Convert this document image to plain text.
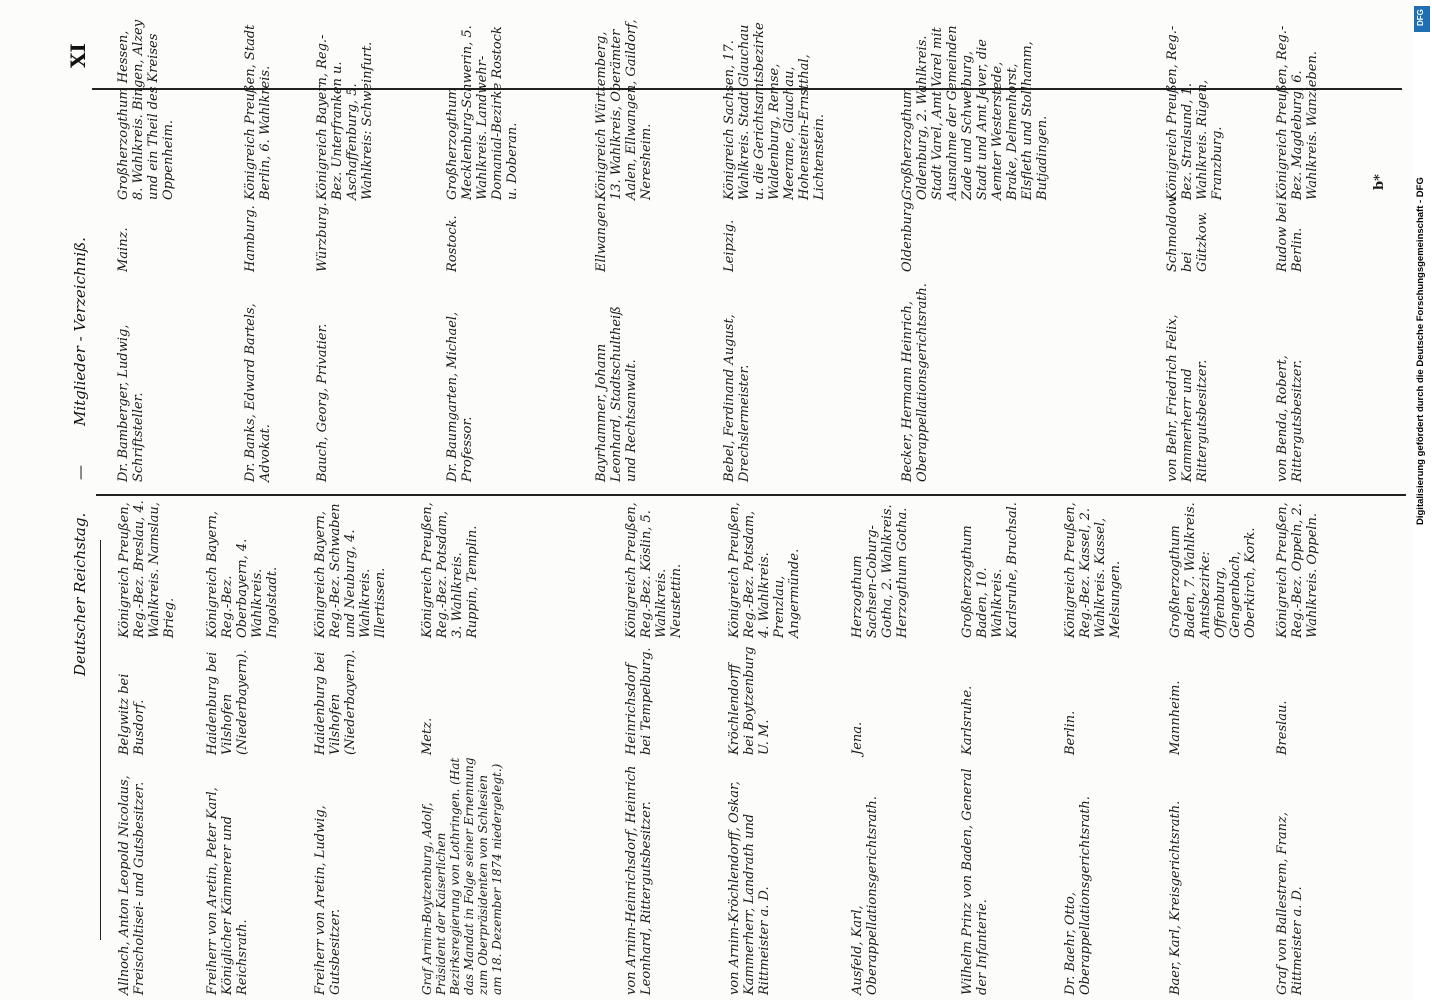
Deutscher Reichstag.
—
Mitglieder - Verzeichniß.
XI
Allnoch, Anton Leopold Nicolaus, Freischoltisei- und Gutsbesitzer.
Belgwitz bei Busdorf.
Königreich Preußen, Reg.-Bez. Breslau, 4. Wahlkreis. Namslau, Brieg.
Freiherr von Aretin, Peter Karl, Königlicher Kämmerer und Reichsrath.
Haidenburg bei Vilshofen (Niederbayern).
Königreich Bayern, Reg.-Bez. Oberbayern, 4. Wahlkreis. Ingolstadt.
Freiherr von Aretin, Ludwig, Gutsbesitzer.
Haidenburg bei Vilshofen (Niederbayern).
Königreich Bayern, Reg.-Bez. Schwaben und Neuburg, 4. Wahlkreis. Illertissen.
Graf Arnim-Boytzenburg, Adolf, Präsident der Kaiserlichen Bezirksregierung von Lothringen. (Hat das Mandat in Folge seiner Ernennung zum Oberpräsidenten von Schlesien am 18. Dezember 1874 niedergelegt.)
Metz.
Königreich Preußen, Reg.-Bez. Potsdam, 3. Wahlkreis. Ruppin, Templin.
von Arnim-Heinrichsdorf, Heinrich Leonhard, Rittergutsbesitzer.
Heinrichsdorf bei Tempelburg.
Königreich Preußen, Reg.-Bez. Köslin, 5. Wahlkreis. Neustettin.
von Arnim-Kröchlendorff, Oskar, Kammerherr, Landrath und Rittmeister a. D.
Kröchlendorff bei Boytzenburg U. M.
Königreich Preußen, Reg.-Bez. Potsdam, 4. Wahlkreis. Prenzlau, Angermünde.
Ausfeld, Karl, Oberappellationsgerichtsrath.
Jena.
Herzogthum Sachsen-Coburg-Gotha, 2. Wahlkreis. Herzogthum Gotha.
Wilhelm Prinz von Baden, General der Infanterie.
Karlsruhe.
Großherzogthum Baden, 10. Wahlkreis. Karlsruhe, Bruchsal.
Dr. Baehr, Otto, Oberappellationsgerichtsrath.
Berlin.
Königreich Preußen, Reg.-Bez. Kassel, 2. Wahlkreis. Kassel, Melsungen.
Baer, Karl, Kreisgerichtsrath.
Mannheim.
Großherzogthum Baden, 7. Wahlkreis. Amtsbezirke: Offenburg, Gengenbach, Oberkirch, Kork.
Graf von Ballestrem, Franz, Rittmeister a. D.
Breslau.
Königreich Preußen, Reg.-Bez. Oppeln, 2. Wahlkreis. Oppeln.
Dr. Bamberger, Ludwig, Schriftsteller.
Mainz.
Großherzogthum Hessen, 8. Wahlkreis. Bingen, Alzey und ein Theil des Kreises Oppenheim.
Dr. Banks, Edward Bartels, Advokat.
Hamburg.
Königreich Preußen, Stadt Berlin, 6. Wahlkreis.
Bauch, Georg, Privatier.
Würzburg.
Königreich Bayern, Reg.-Bez. Unterfranken u. Aschaffenburg, 5. Wahlkreis: Schweinfurt.
Dr. Baumgarten, Michael, Professor.
Rostock.
Großherzogthum Mecklenburg-Schwerin, 5. Wahlkreis. Landwehr-Domanial-Bezirke Rostock u. Doberan.
Bayrhammer, Johann Leonhard, Stadtschultheiß und Rechtsanwalt.
Ellwangen.
Königreich Württemberg, 13. Wahlkreis, Oberämter Aalen, Ellwangen, Gaildorf, Neresheim.
Bebel, Ferdinand August, Drechslermeister.
Leipzig.
Königreich Sachsen, 17. Wahlkreis. Stadt Glauchau u. die Gerichtsamtsbezirke Waldenburg, Remse, Meerane, Glauchau, Hohenstein-Ernstthal, Lichtenstein.
Becker, Hermann Heinrich, Oberappellationsgerichtsrath.
Oldenburg.
Großherzogthum Oldenburg, 2. Wahlkreis. Stadt Varel, Amt Varel mit Ausnahme der Gemeinden Zade und Schweiburg, Stadt und Amt Jever, die Aemter Westerstede, Brake, Delmenhorst, Elsfleth und Stollhamm, Butjadingen.
von Behr, Friedrich Felix, Kammerherr und Rittergutsbesitzer.
Schmoldow bei Gützkow.
Königreich Preußen, Reg.-Bez. Stralsund, 1. Wahlkreis. Rügen, Franzburg.
von Benda, Robert, Rittergutsbesitzer.
Rudow bei Berlin.
Königreich Preußen, Reg.-Bez. Magdeburg, 6. Wahlkreis. Wanzleben.	b*	Digitalisierung gefördert durch die Deutsche Forschungsgemeinschaft - DFG
DFG
